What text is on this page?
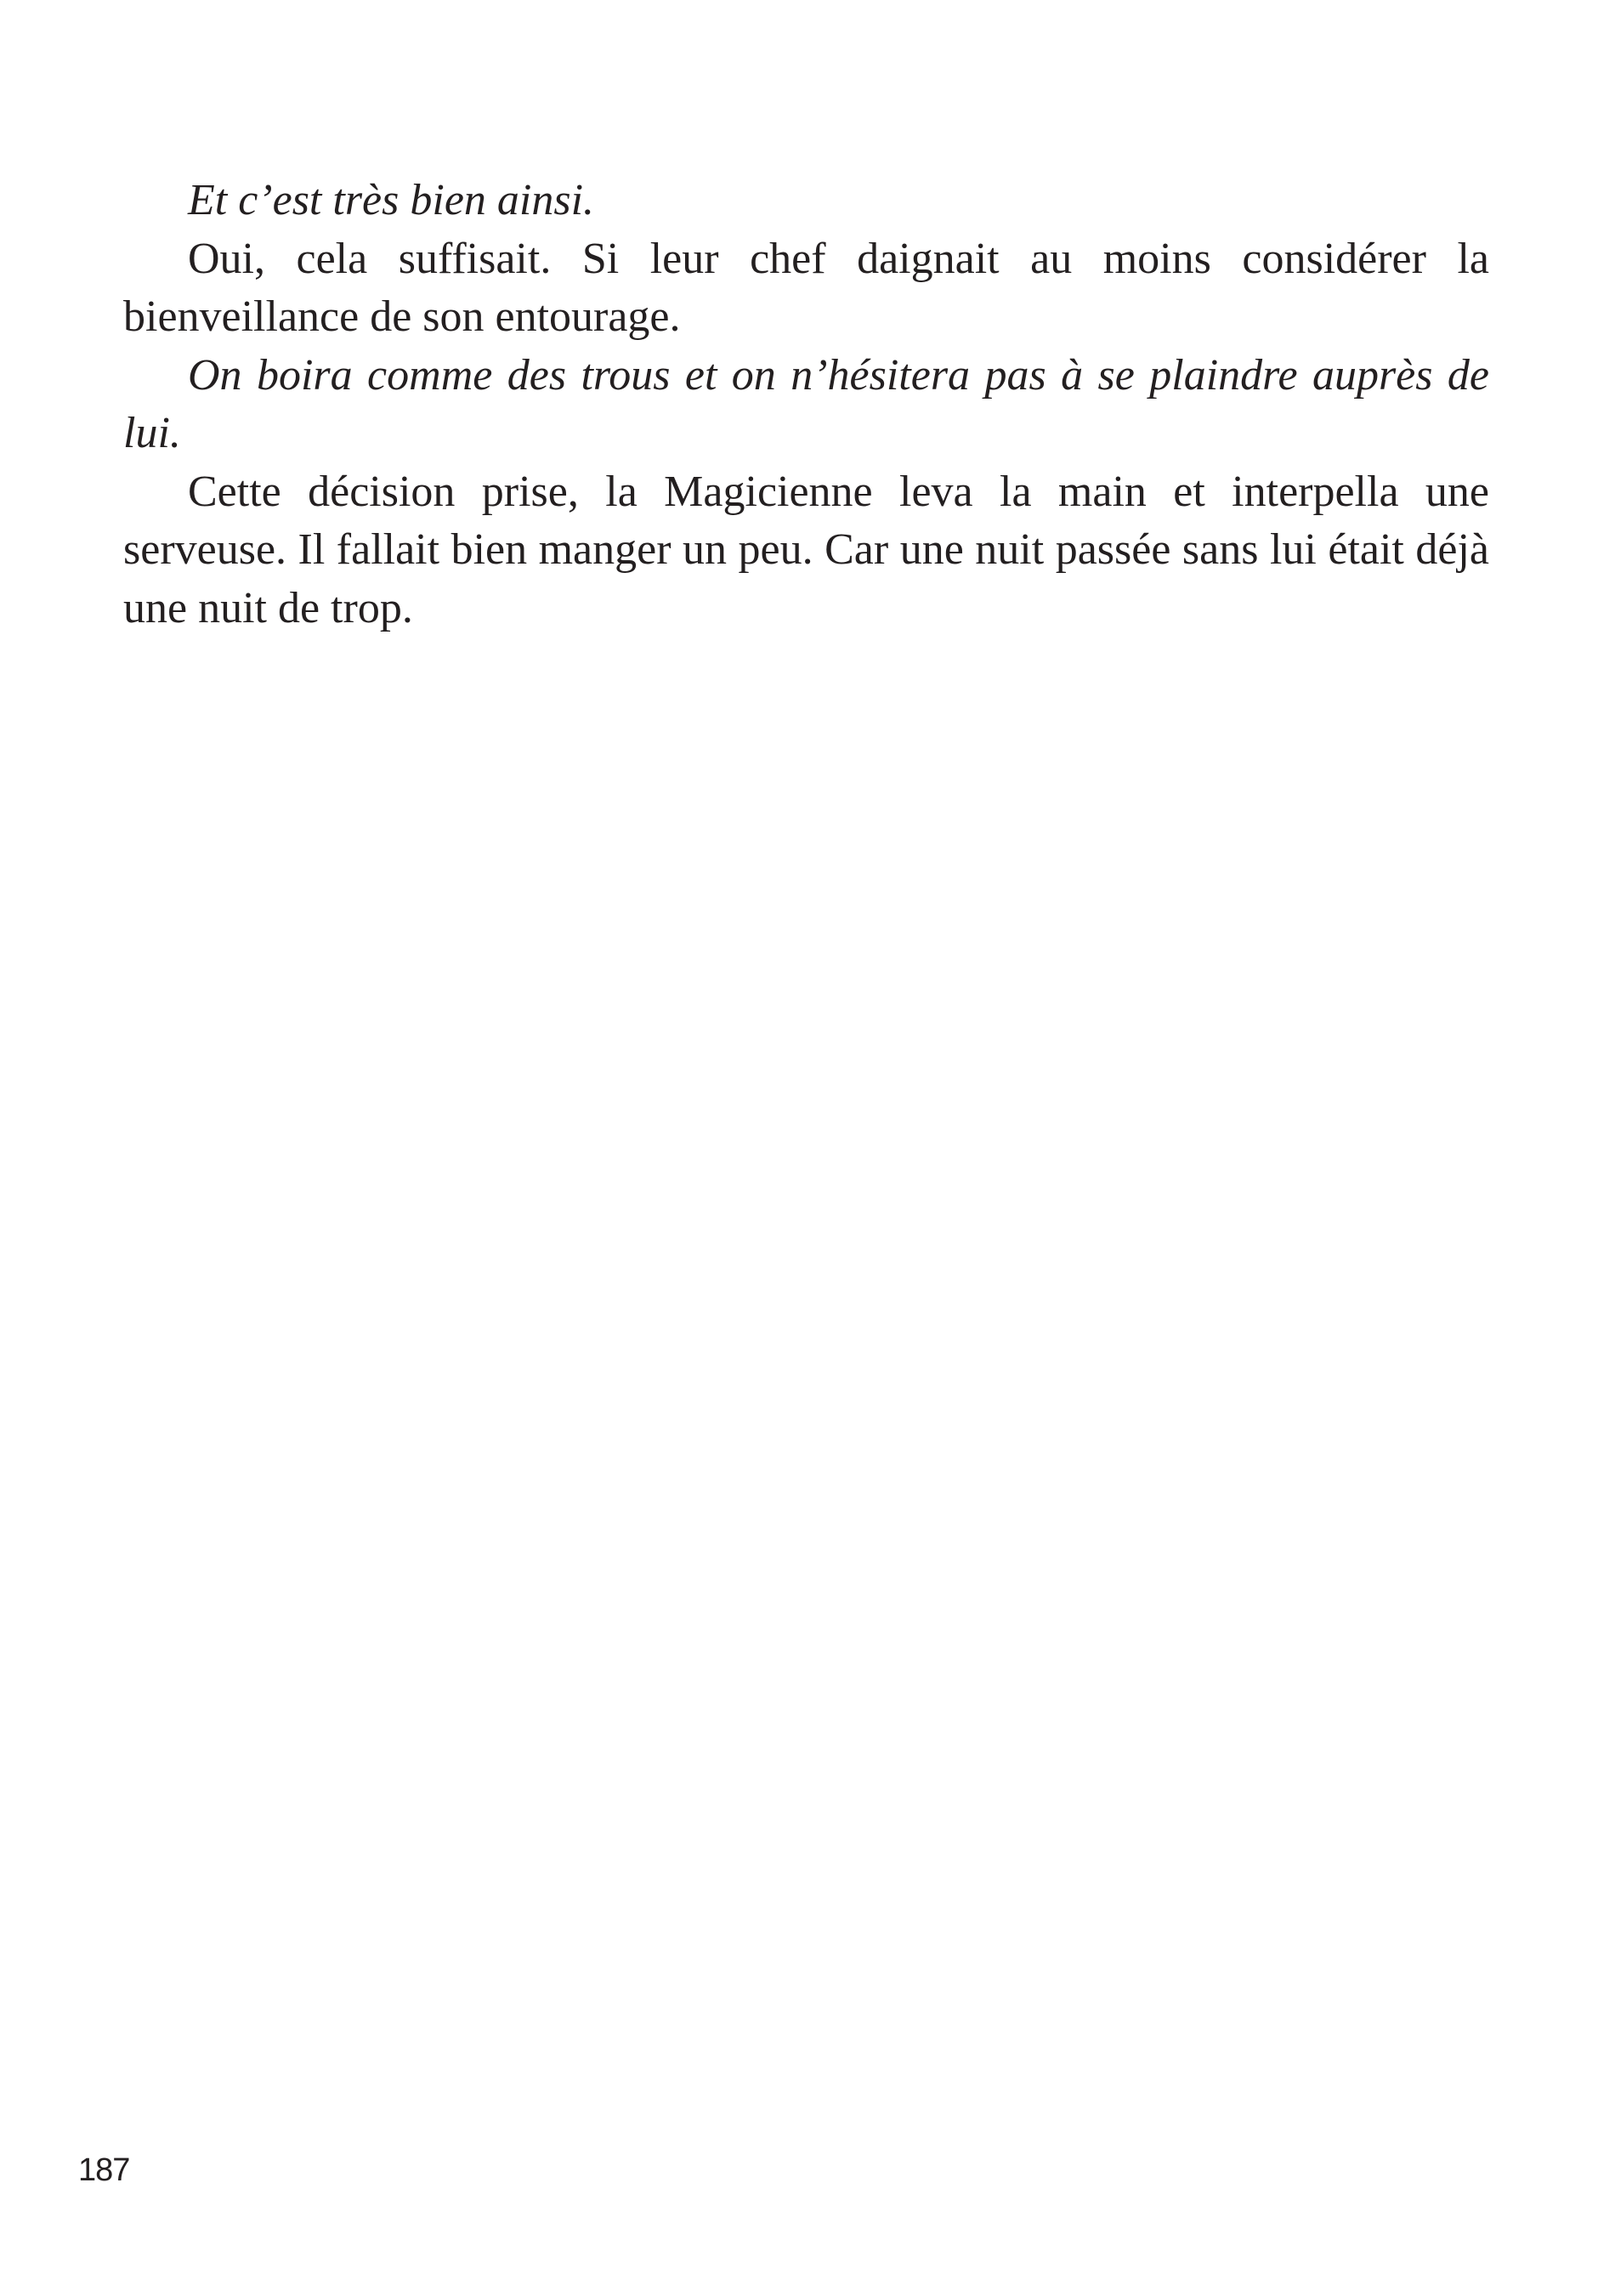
Et c’est très bien ainsi.

Oui, cela suffisait. Si leur chef daignait au moins considérer la bienveillance de son entourage.

On boira comme des trous et on n’hésitera pas à se plaindre auprès de lui.

Cette décision prise, la Magicienne leva la main et interpella une serveuse. Il fallait bien manger un peu. Car une nuit passée sans lui était déjà une nuit de trop.

187
